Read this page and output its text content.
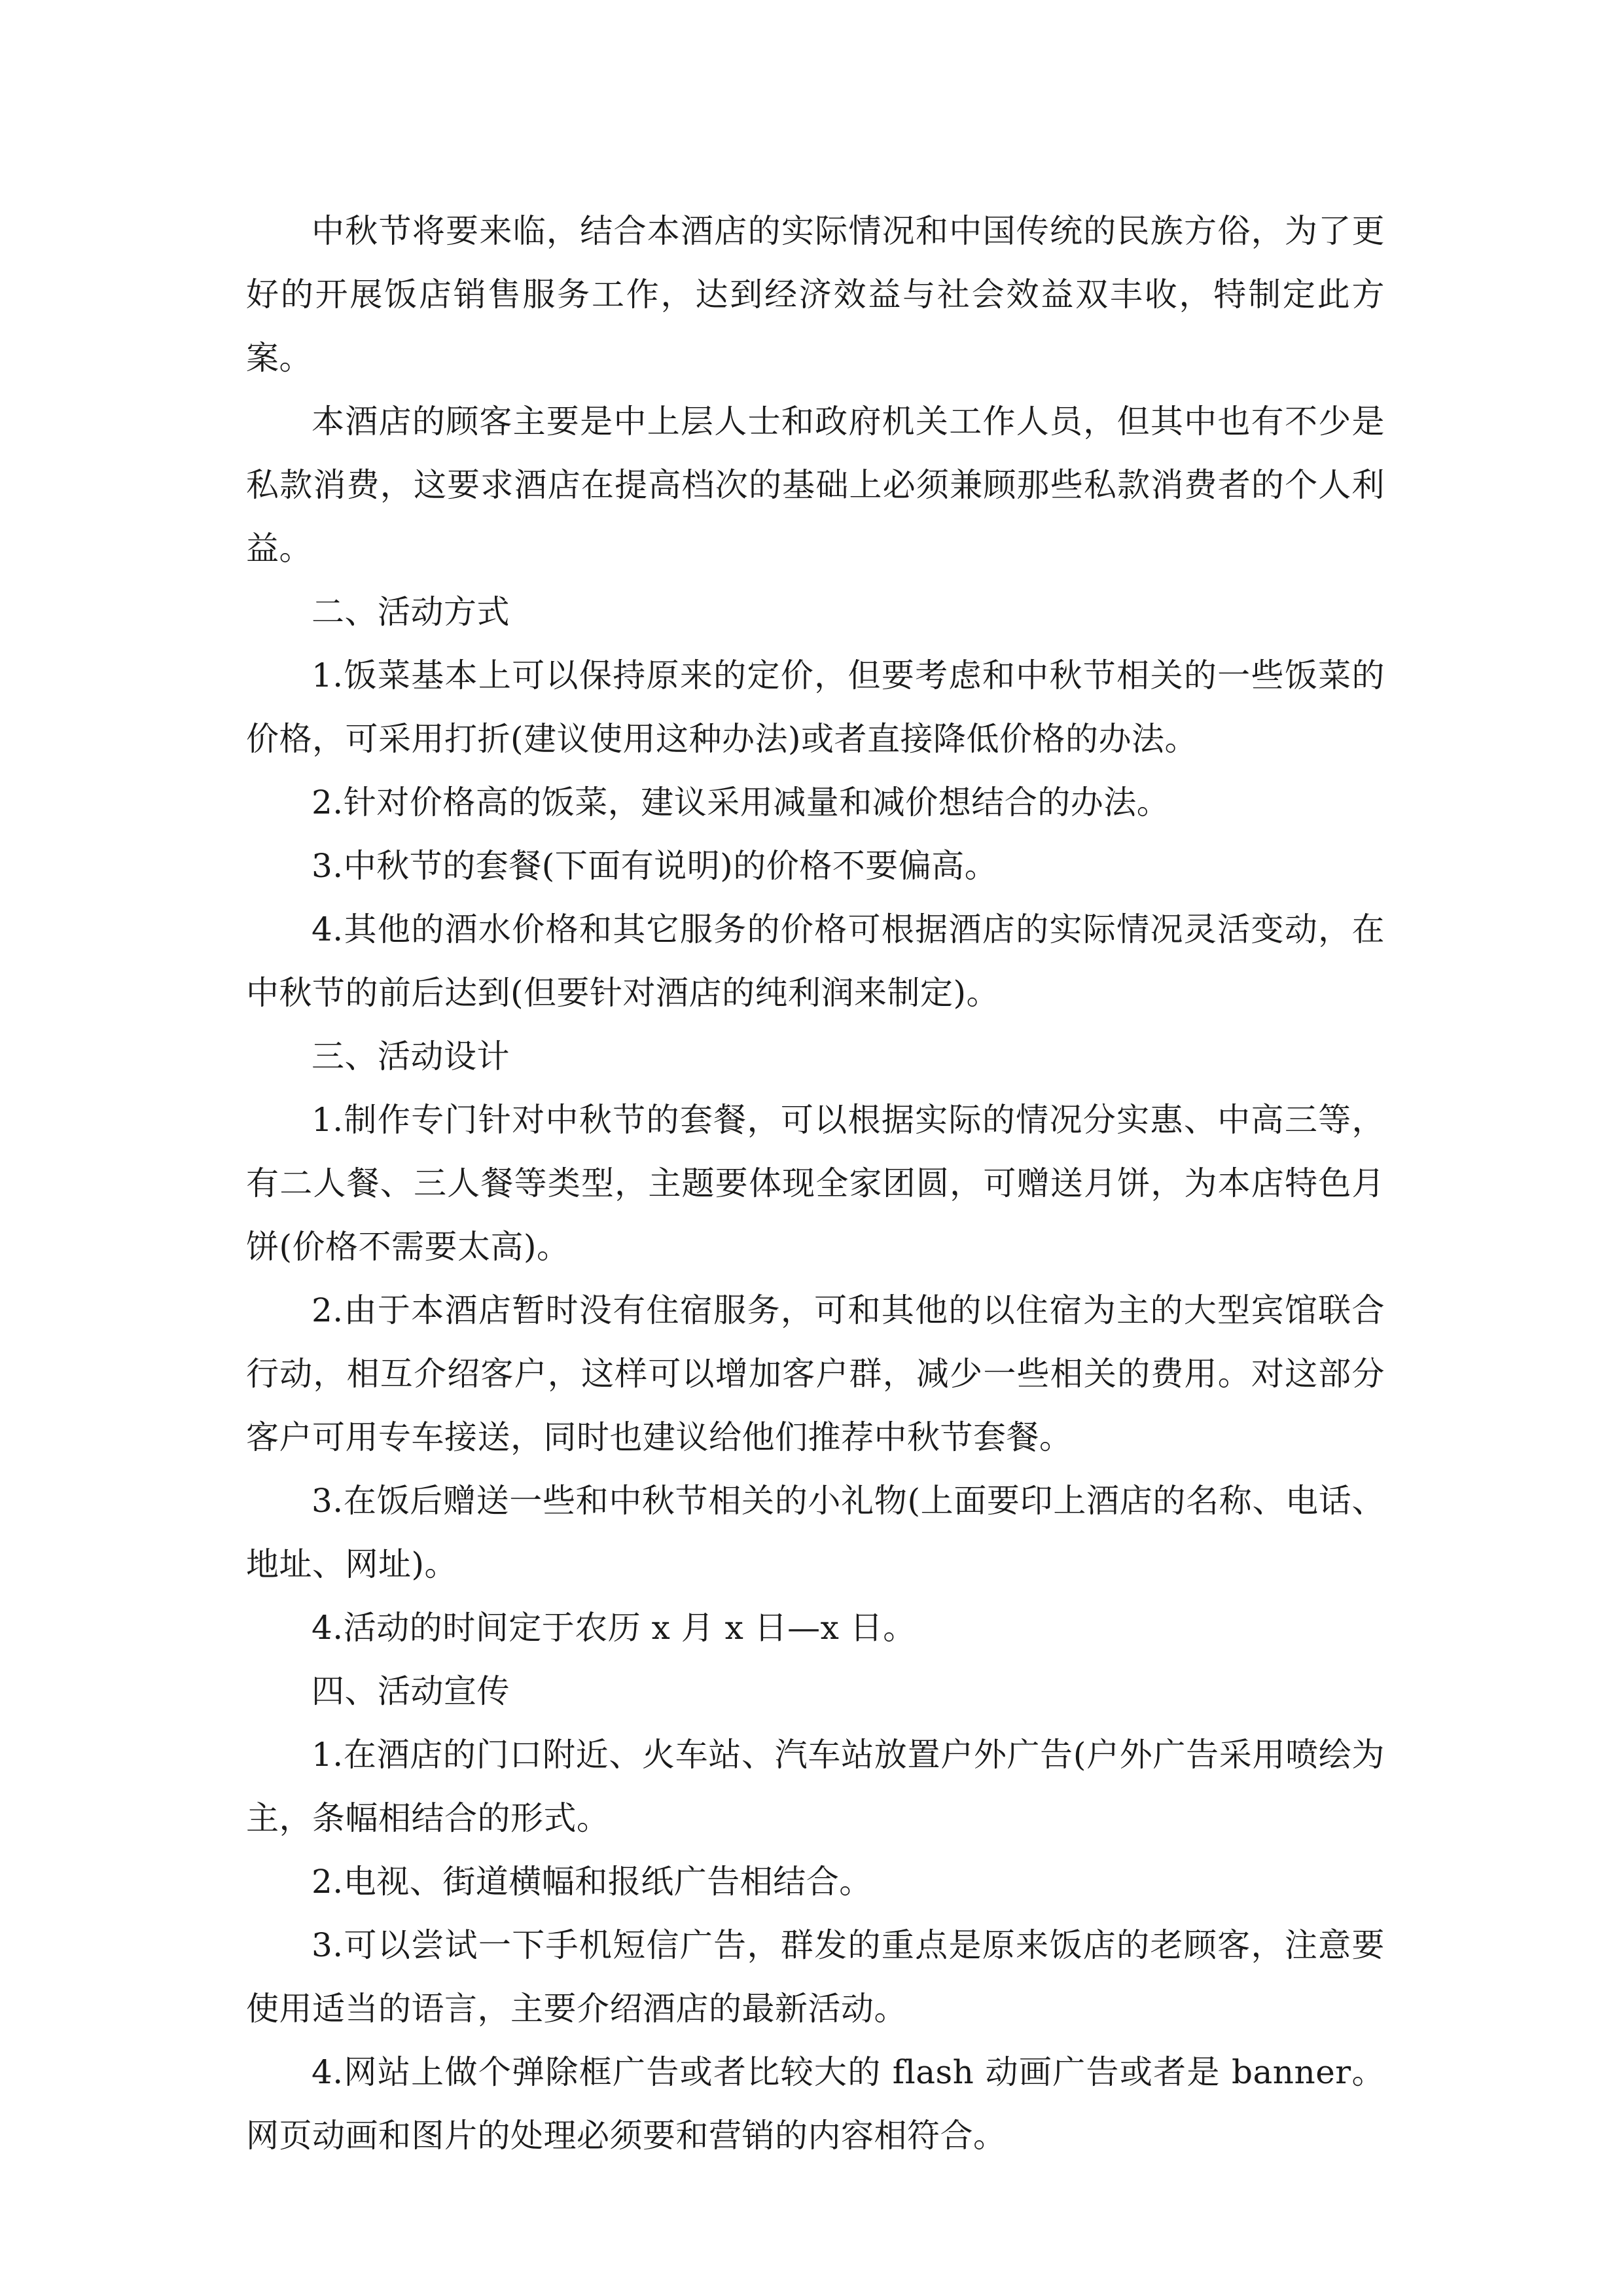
中秋节将要来临，结合本酒店的实际情况和中国传统的民族方俗，为了更好的开展饭店销售服务工作，达到经济效益与社会效益双丰收，特制定此方案。

本酒店的顾客主要是中上层人士和政府机关工作人员，但其中也有不少是私款消费，这要求酒店在提高档次的基础上必须兼顾那些私款消费者的个人利益。

二、活动方式

1.饭菜基本上可以保持原来的定价，但要考虑和中秋节相关的一些饭菜的价格，可采用打折(建议使用这种办法)或者直接降低价格的办法。

2.针对价格高的饭菜，建议采用减量和减价想结合的办法。

3.中秋节的套餐(下面有说明)的价格不要偏高。

4.其他的酒水价格和其它服务的价格可根据酒店的实际情况灵活变动，在中秋节的前后达到(但要针对酒店的纯利润来制定)。

三、活动设计

1.制作专门针对中秋节的套餐，可以根据实际的情况分实惠、中高三等，有二人餐、三人餐等类型，主题要体现全家团圆，可赠送月饼，为本店特色月饼(价格不需要太高)。

2.由于本酒店暂时没有住宿服务，可和其他的以住宿为主的大型宾馆联合行动，相互介绍客户，这样可以增加客户群，减少一些相关的费用。对这部分客户可用专车接送，同时也建议给他们推荐中秋节套餐。

3.在饭后赠送一些和中秋节相关的小礼物(上面要印上酒店的名称、电话、地址、网址)。

4.活动的时间定于农历 x 月 x 日—x 日。

四、活动宣传

1.在酒店的门口附近、火车站、汽车站放置户外广告(户外广告采用喷绘为主，条幅相结合的形式。

2.电视、街道横幅和报纸广告相结合。

3.可以尝试一下手机短信广告，群发的重点是原来饭店的老顾客，注意要使用适当的语言，主要介绍酒店的最新活动。

4.网站上做个弹除框广告或者比较大的 flash 动画广告或者是 banner。网页动画和图片的处理必须要和营销的内容相符合。
